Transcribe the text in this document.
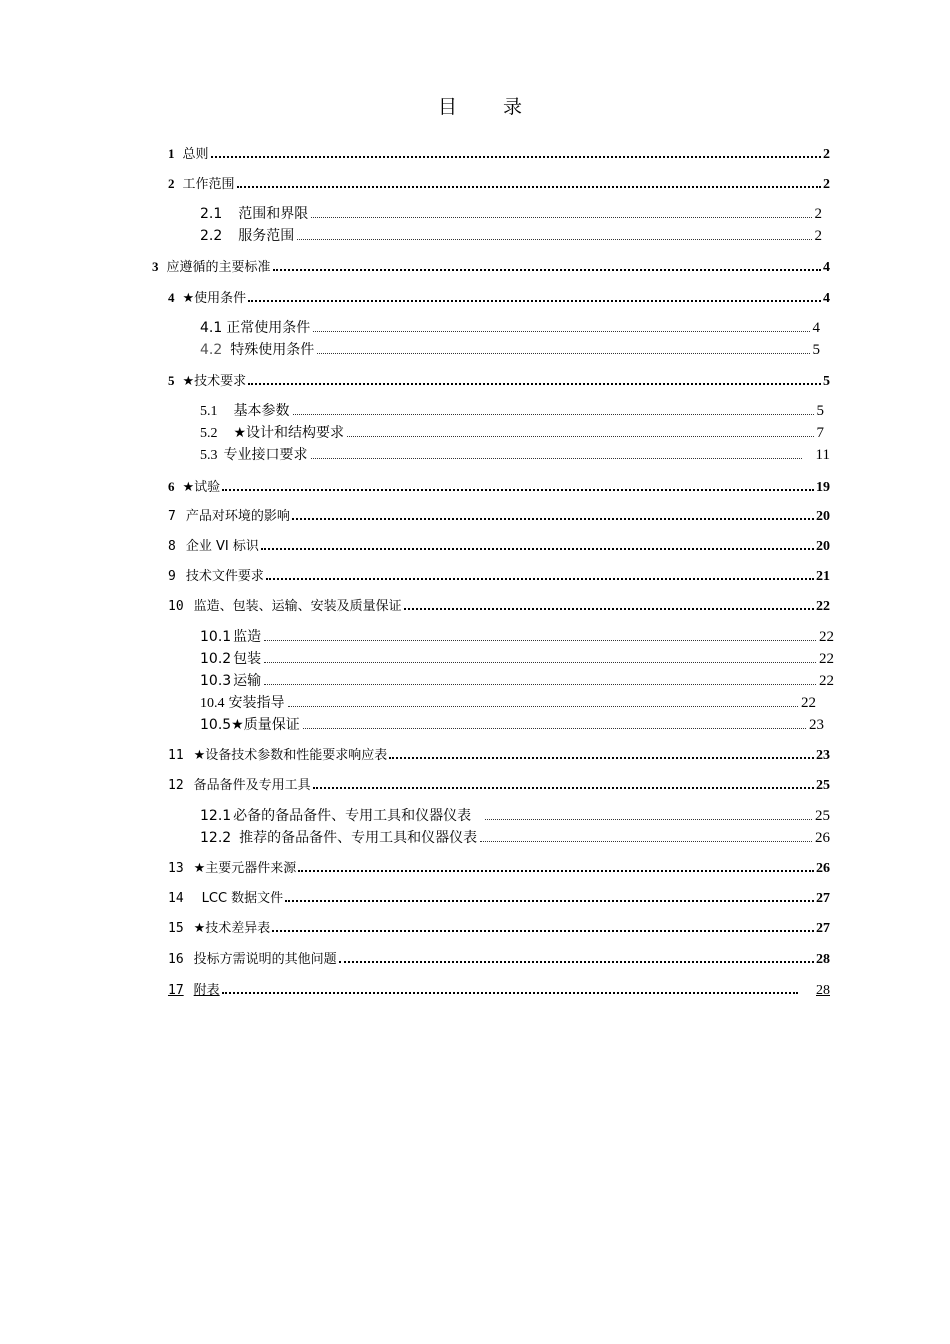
目 录
1 总则	2
2 工作范围	2
2.1 范围和界限	2
2.2 服务范围	2
3 应遵循的主要标准	4
4 ★使用条件	4
4.1 正常使用条件	4
4.2 特殊使用条件	5
5 ★技术要求	5
5.1 基本参数	5
5.2 ★设计和结构要求	7
5.3 专业接口要求	11
6 ★试验	19
7 产品对环境的影响	20
8 企业 VI 标识	20
9 技术文件要求	21
10 监造、包装、运输、安装及质量保证	22
10.1 监造	22
10.2 包装	22
10.3 运输	22
10.4 安装指导	22
10.5 ★质量保证	23
11 ★设备技术参数和性能要求响应表	23
12 备品备件及专用工具	25
12.1 必备的备品备件、专用工具和仪器仪表	25
12.2 推荐的备品备件、专用工具和仪器仪表	26
13 ★主要元器件来源	26
14 LCC 数据文件	27
15 ★技术差异表	27
16 投标方需说明的其他问题	28
17 附表	28
